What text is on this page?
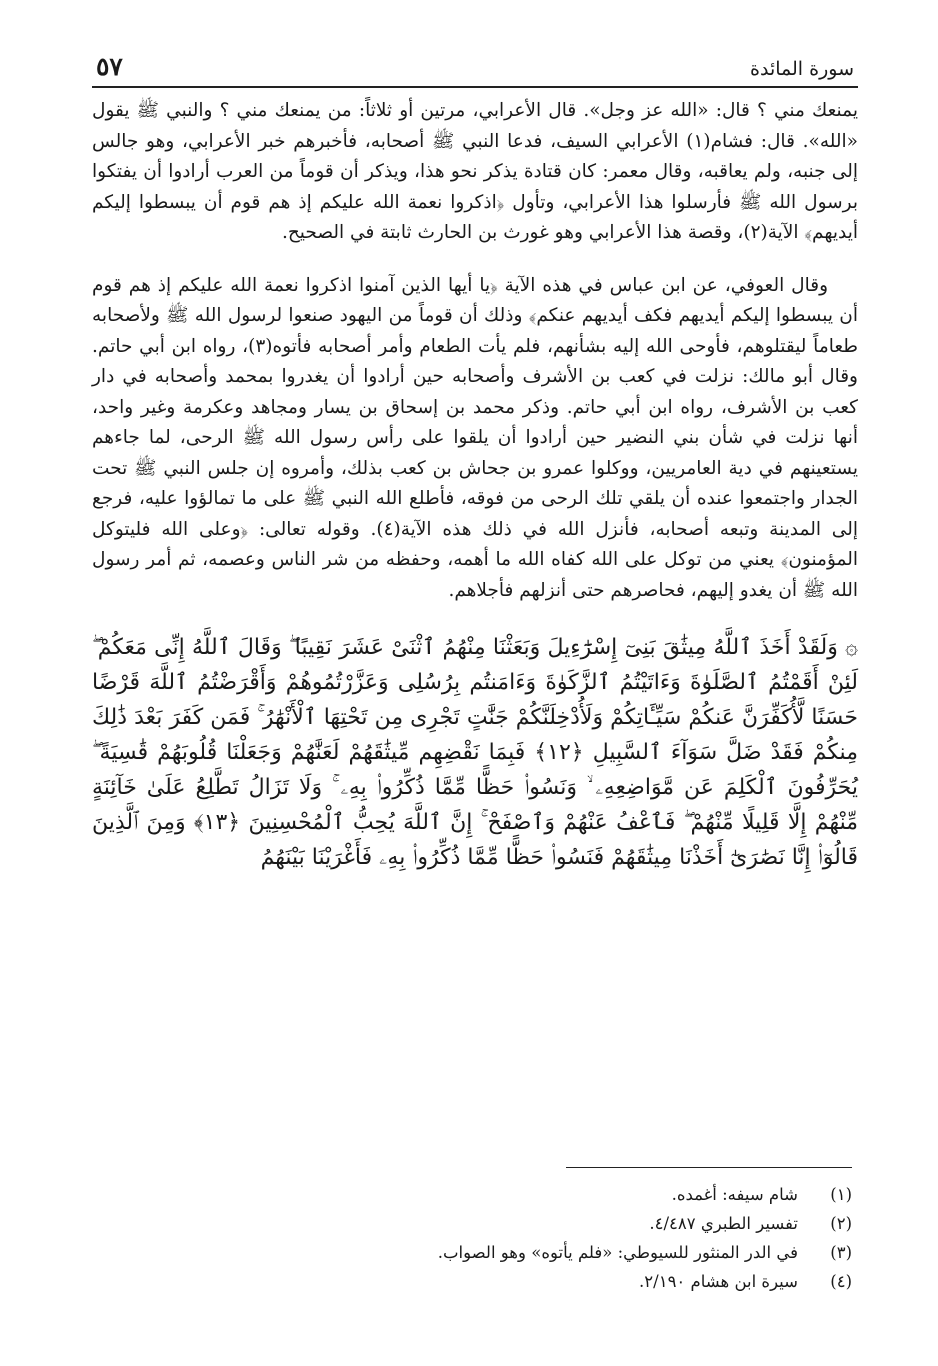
سورة المائدة
٥٧

يمنعك مني ؟ قال: «الله عز وجل». قال الأعرابي، مرتين أو ثلاثاً: من يمنعك مني ؟ والنبي ﷺ يقول «الله». قال: فشام(١) الأعرابي السيف، فدعا النبي ﷺ أصحابه، فأخبرهم خبر الأعرابي، وهو جالس إلى جنبه، ولم يعاقبه، وقال معمر: كان قتادة يذكر نحو هذا، ويذكر أن قوماً من العرب أرادوا أن يفتكوا برسول الله ﷺ فأرسلوا هذا الأعرابي، وتأول ﴿اذكروا نعمة الله عليكم إذ هم قوم أن يبسطوا إليكم أيديهم﴾ الآية(٢)، وقصة هذا الأعرابي وهو غورث بن الحارث ثابتة في الصحيح.

وقال العوفي، عن ابن عباس في هذه الآية ﴿يا أيها الذين آمنوا اذكروا نعمة الله عليكم إذ هم قوم أن يبسطوا إليكم أيديهم فكف أيديهم عنكم﴾ وذلك أن قوماً من اليهود صنعوا لرسول الله ﷺ ولأصحابه طعاماً ليقتلوهم، فأوحى الله إليه بشأنهم، فلم يأت الطعام وأمر أصحابه فأتوه(٣)، رواه ابن أبي حاتم. وقال أبو مالك: نزلت في كعب بن الأشرف وأصحابه حين أرادوا أن يغدروا بمحمد وأصحابه في دار كعب بن الأشرف، رواه ابن أبي حاتم. وذكر محمد بن إسحاق بن يسار ومجاهد وعكرمة وغير واحد، أنها نزلت في شأن بني النضير حين أرادوا أن يلقوا على رأس رسول الله ﷺ الرحى، لما جاءهم يستعينهم في دية العامريين، ووكلوا عمرو بن جحاش بن كعب بذلك، وأمروه إن جلس النبي ﷺ تحت الجدار واجتمعوا عنده أن يلقي تلك الرحى من فوقه، فأطلع الله النبي ﷺ على ما تمالؤوا عليه، فرجع إلى المدينة وتبعه أصحابه، فأنزل الله في ذلك هذه الآية(٤). وقوله تعالى: ﴿وعلى الله فليتوكل المؤمنون﴾ يعني من توكل على الله كفاه الله ما أهمه، وحفظه من شر الناس وعصمه، ثم أمر رسول الله ﷺ أن يغدو إليهم، فحاصرهم حتى أنزلهم فأجلاهم.

۞ وَلَقَدْ أَخَذَ ٱللَّهُ مِيثَٰقَ بَنِىٓ إِسْرَٰٓءِيلَ وَبَعَثْنَا مِنْهُمُ ٱثْنَىْ عَشَرَ نَقِيبًا ۖ وَقَالَ ٱللَّهُ إِنِّى مَعَكُمْ ۖ لَئِنْ أَقَمْتُمُ ٱلصَّلَوٰةَ وَءَاتَيْتُمُ ٱلزَّكَوٰةَ وَءَامَنتُم بِرُسُلِى وَعَزَّرْتُمُوهُمْ وَأَقْرَضْتُمُ ٱللَّهَ قَرْضًا حَسَنًا لَّأُكَفِّرَنَّ عَنكُمْ سَيِّـَٔاتِكُمْ وَلَأُدْخِلَنَّكُمْ جَنَّٰتٍ تَجْرِى مِن تَحْتِهَا ٱلْأَنْهَٰرُ ۚ فَمَن كَفَرَ بَعْدَ ذَٰلِكَ مِنكُمْ فَقَدْ ضَلَّ سَوَآءَ ٱلسَّبِيلِ ﴿١٢﴾ فَبِمَا نَقْضِهِم مِّيثَٰقَهُمْ لَعَنَّٰهُمْ وَجَعَلْنَا قُلُوبَهُمْ قَٰسِيَةً ۖ يُحَرِّفُونَ ٱلْكَلِمَ عَن مَّوَاضِعِهِۦ ۙ وَنَسُوا۟ حَظًّا مِّمَّا ذُكِّرُوا۟ بِهِۦ ۚ وَلَا تَزَالُ تَطَّلِعُ عَلَىٰ خَآئِنَةٍ مِّنْهُمْ إِلَّا قَلِيلًا مِّنْهُمْ ۖ فَٱعْفُ عَنْهُمْ وَٱصْفَحْ ۚ إِنَّ ٱللَّهَ يُحِبُّ ٱلْمُحْسِنِينَ ﴿١٣﴾ وَمِنَ ٱلَّذِينَ قَالُوٓا۟ إِنَّا نَصَٰرَىٰٓ أَخَذْنَا مِيثَٰقَهُمْ فَنَسُوا۟ حَظًّا مِّمَّا ذُكِّرُوا۟ بِهِۦ فَأَغْرَيْنَا بَيْنَهُمُ

(١)
شام سيفه: أغمده.
(٢)
تفسير الطبري ٤/٤٨٧.
(٣)
في الدر المنثور للسيوطي: «فلم يأتوه» وهو الصواب.
(٤)
سيرة ابن هشام ٢/١٩٠.
